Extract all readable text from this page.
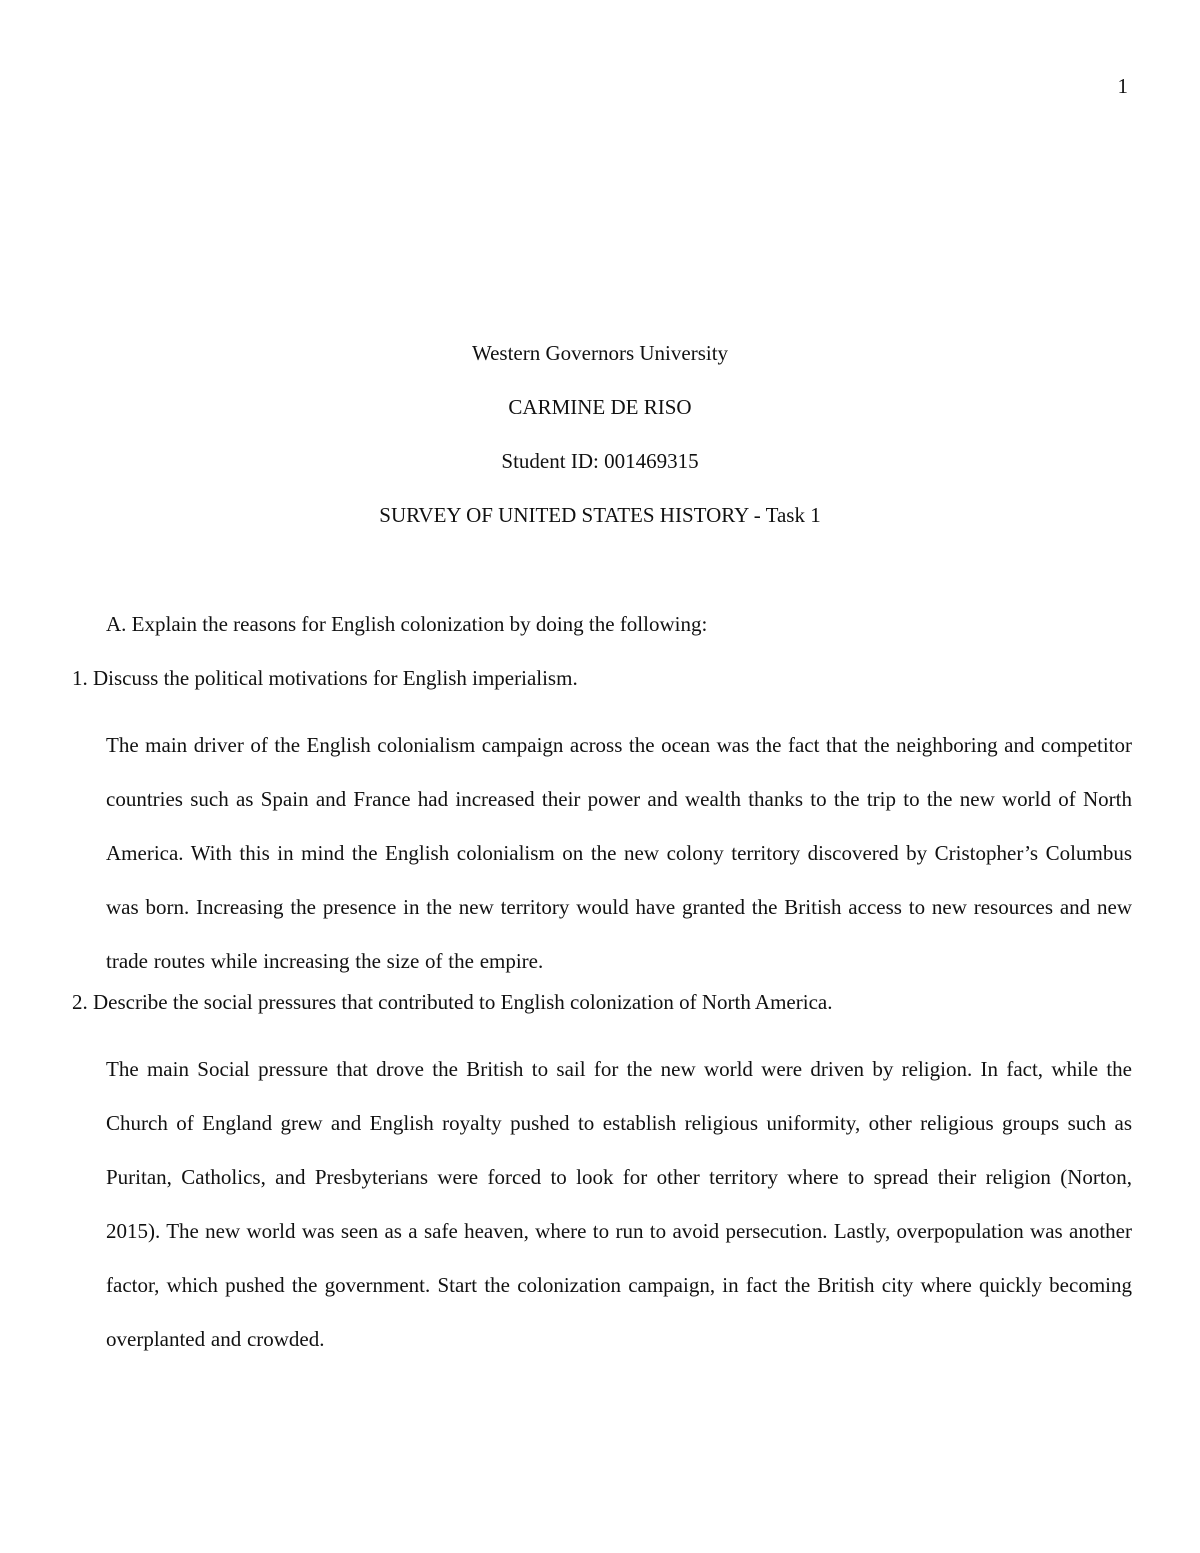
1
Western Governors University
CARMINE DE RISO
Student ID: 001469315
SURVEY OF UNITED STATES HISTORY - Task 1
A. Explain the reasons for English colonization by doing the following:
1. Discuss the political motivations for English imperialism.

The main driver of the English colonialism campaign across the ocean was the fact that the neighboring and competitor countries such as Spain and France had increased their power and wealth thanks to the trip to the new world of North America. With this in mind the English colonialism on the new colony territory discovered by Cristopher’s Columbus was born. Increasing the presence in the new territory would have granted the British access to new resources and new trade routes while increasing the size of the empire.

2. Describe the social pressures that contributed to English colonization of North America.

The main Social pressure that drove the British to sail for the new world were driven by religion. In fact, while the Church of England grew and English royalty pushed to establish religious uniformity, other religious groups such as Puritan, Catholics, and Presbyterians were forced to look for other territory where to spread their religion (Norton, 2015). The new world was seen as a safe heaven, where to run to avoid persecution. Lastly, overpopulation was another factor, which pushed the government. Start the colonization campaign, in fact the British city where quickly becoming overplanted and crowded.
